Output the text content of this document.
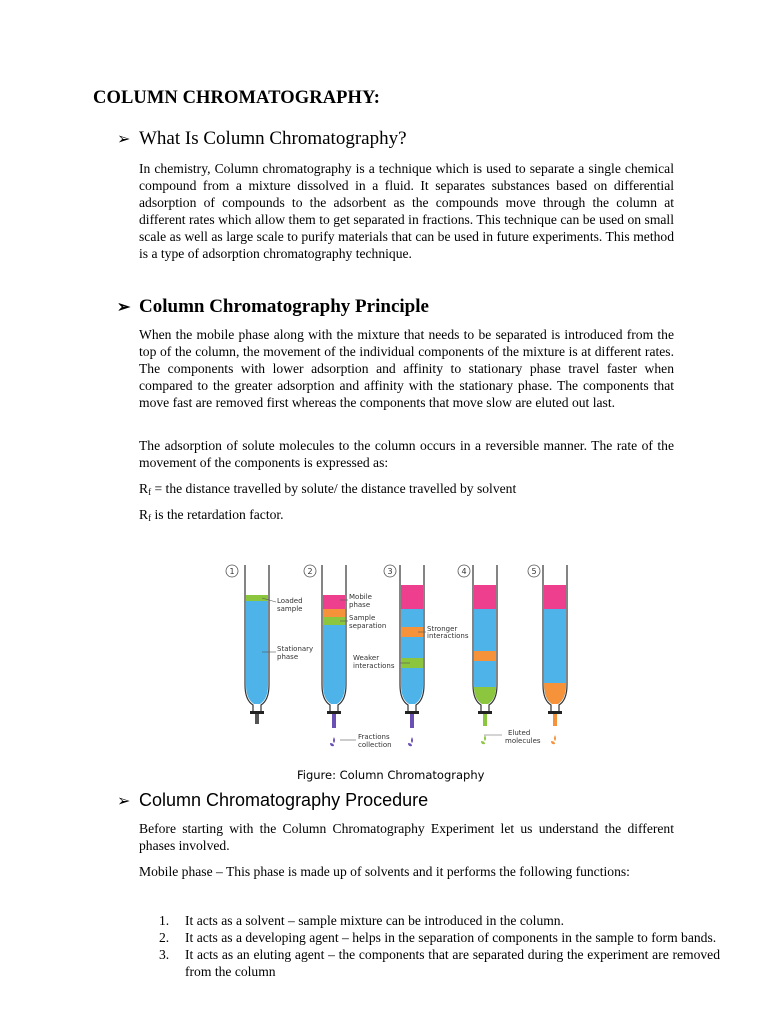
COLUMN CHROMATOGRAPHY:
➢ What Is Column Chromatography?

In chemistry, Column chromatography is a technique which is used to separate a single chemical compound from a mixture dissolved in a fluid. It separates substances based on differential adsorption of compounds to the adsorbent as the compounds move through the column at different rates which allow them to get separated in fractions. This technique can be used on small scale as well as large scale to purify materials that can be used in future experiments. This method is a type of adsorption chromatography technique.

➢ Column Chromatography Principle

When the mobile phase along with the mixture that needs to be separated is introduced from the top of the column, the movement of the individual components of the mixture is at different rates. The components with lower adsorption and affinity to stationary phase travel faster when compared to the greater adsorption and affinity with the stationary phase. The components that move fast are removed first whereas the components that move slow are eluted out last.

The adsorption of solute molecules to the column occurs in a reversible manner. The rate of the movement of the components is expressed as:

$R_f$ = the distance travelled by solute/ the distance travelled by solvent

$R_f$ is the retardation factor.

1	2	3	4	5
Loaded
sample
Stationary
phase
Mobile
phase
Sample
separation
Weaker
interactions
Stronger
interactions
Fractions
collection
Eluted
molecules
Figure: Column Chromatography
➢ Column Chromatography Procedure

Before starting with the Column Chromatography Experiment let us understand the different phases involved.

Mobile phase – This phase is made up of solvents and it performs the following functions:

1. It acts as a solvent – sample mixture can be introduced in the column.
2. It acts as a developing agent – helps in the separation of components in the sample to form bands.
3. It acts as an eluting agent – the components that are separated during the experiment are removed from the column
